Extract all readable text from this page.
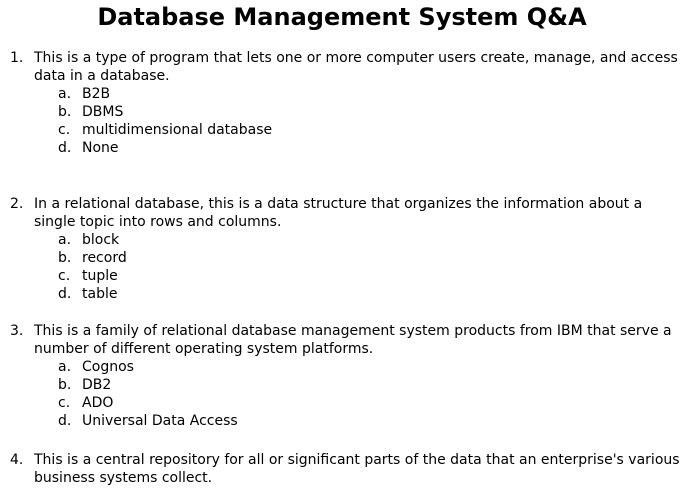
Database Management System Q&A
1. This is a type of program that lets one or more computer users create, manage, and access data in a database.
a. B2B
b. DBMS
c. multidimensional database
d. None
2. In a relational database, this is a data structure that organizes the information about a single topic into rows and columns.
a. block
b. record
c. tuple
d. table
3. This is a family of relational database management system products from IBM that serve a number of different operating system platforms.
a. Cognos
b. DB2
c. ADO
d. Universal Data Access
4. This is a central repository for all or significant parts of the data that an enterprise's various business systems collect.
